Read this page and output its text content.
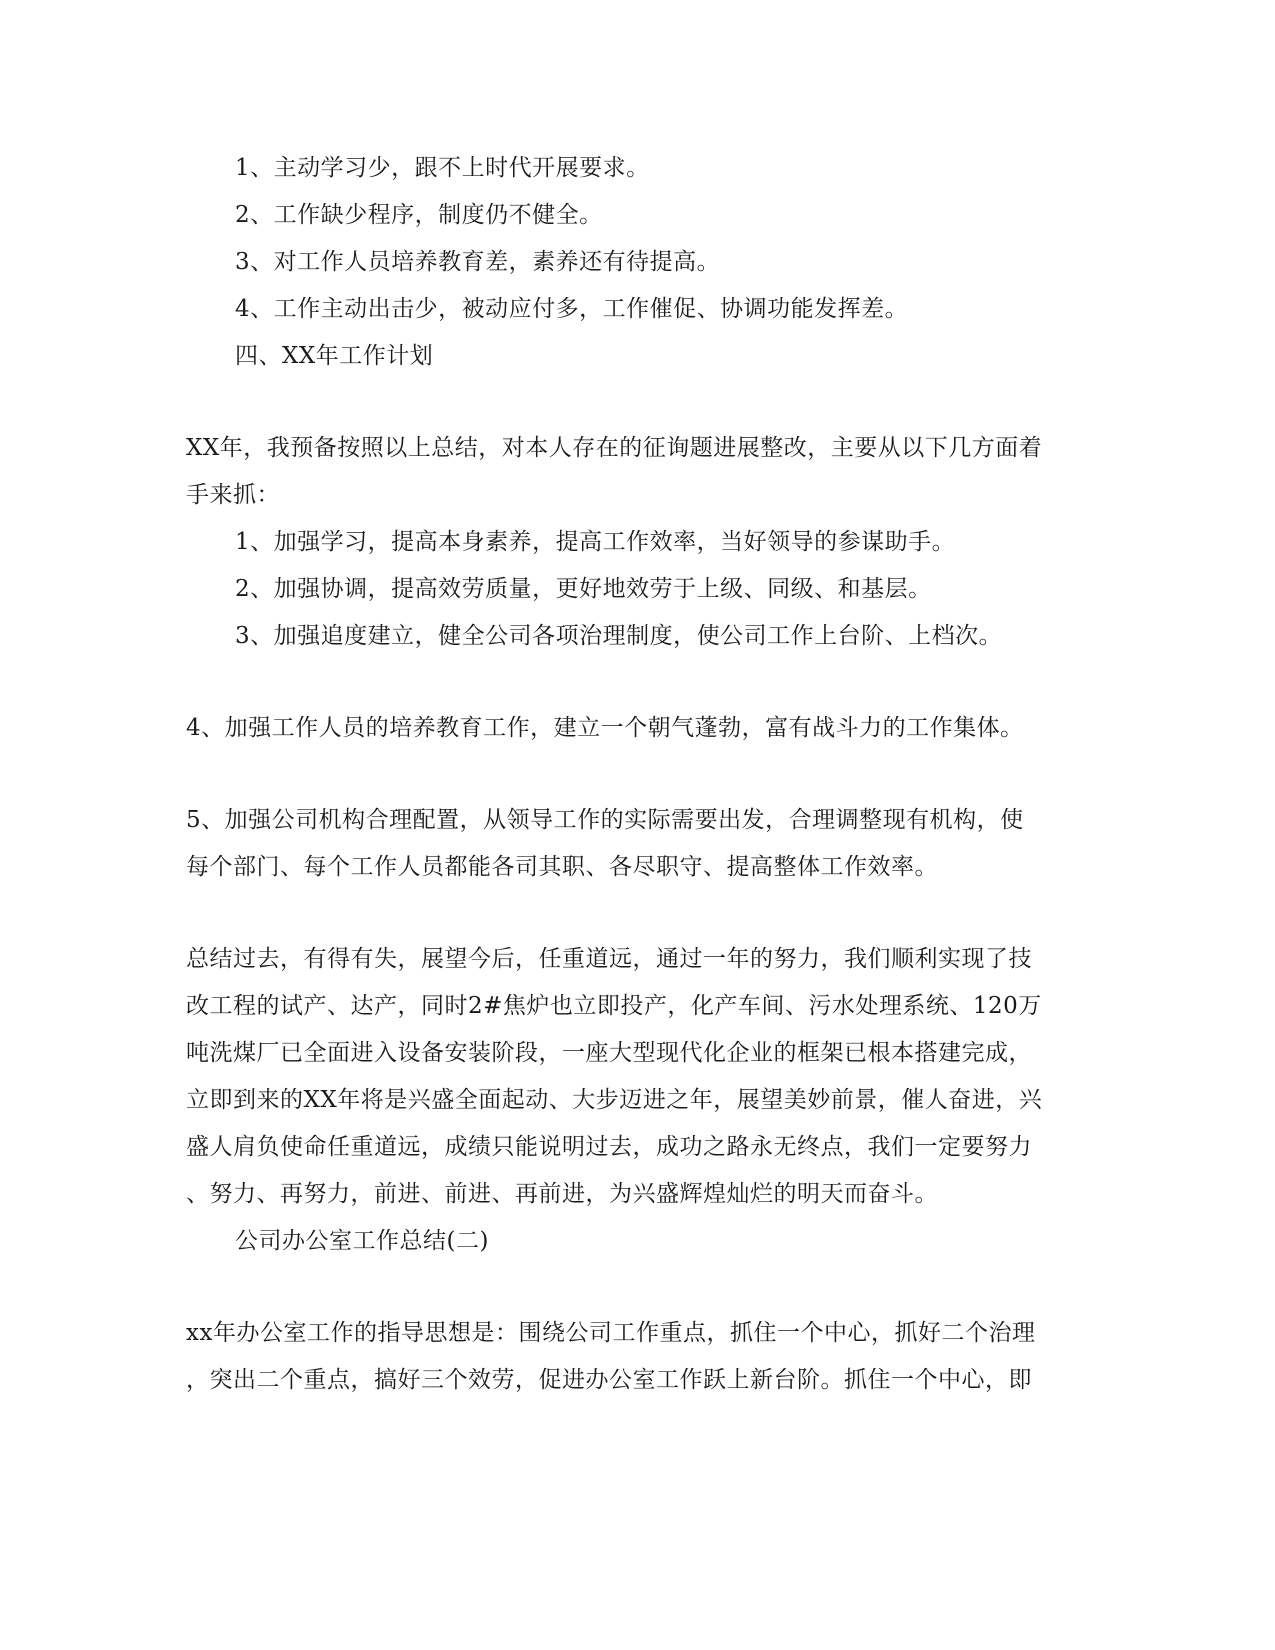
1、主动学习少，跟不上时代开展要求。
2、工作缺少程序，制度仍不健全。
3、对工作人员培养教育差，素养还有待提高。
4、工作主动出击少，被动应付多，工作催促、协调功能发挥差。
四、XX年工作计划
XX年，我预备按照以上总结，对本人存在的征询题进展整改，主要从以下几方面着
手来抓：
1、加强学习，提高本身素养，提高工作效率，当好领导的参谋助手。
2、加强协调，提高效劳质量，更好地效劳于上级、同级、和基层。
3、加强追度建立，健全公司各项治理制度，使公司工作上台阶、上档次。
4、加强工作人员的培养教育工作，建立一个朝气蓬勃，富有战斗力的工作集体。
5、加强公司机构合理配置，从领导工作的实际需要出发，合理调整现有机构，使
每个部门、每个工作人员都能各司其职、各尽职守、提高整体工作效率。
总结过去，有得有失，展望今后，任重道远，通过一年的努力，我们顺利实现了技
改工程的试产、达产，同时2#焦炉也立即投产，化产车间、污水处理系统、120万
吨洗煤厂已全面进入设备安装阶段，一座大型现代化企业的框架已根本搭建完成，
立即到来的XX年将是兴盛全面起动、大步迈进之年，展望美妙前景，催人奋进，兴
盛人肩负使命任重道远，成绩只能说明过去，成功之路永无终点，我们一定要努力
、努力、再努力，前进、前进、再前进，为兴盛辉煌灿烂的明天而奋斗。
公司办公室工作总结(二)
xx年办公室工作的指导思想是：围绕公司工作重点，抓住一个中心，抓好二个治理
，突出二个重点，搞好三个效劳，促进办公室工作跃上新台阶。抓住一个中心，即
